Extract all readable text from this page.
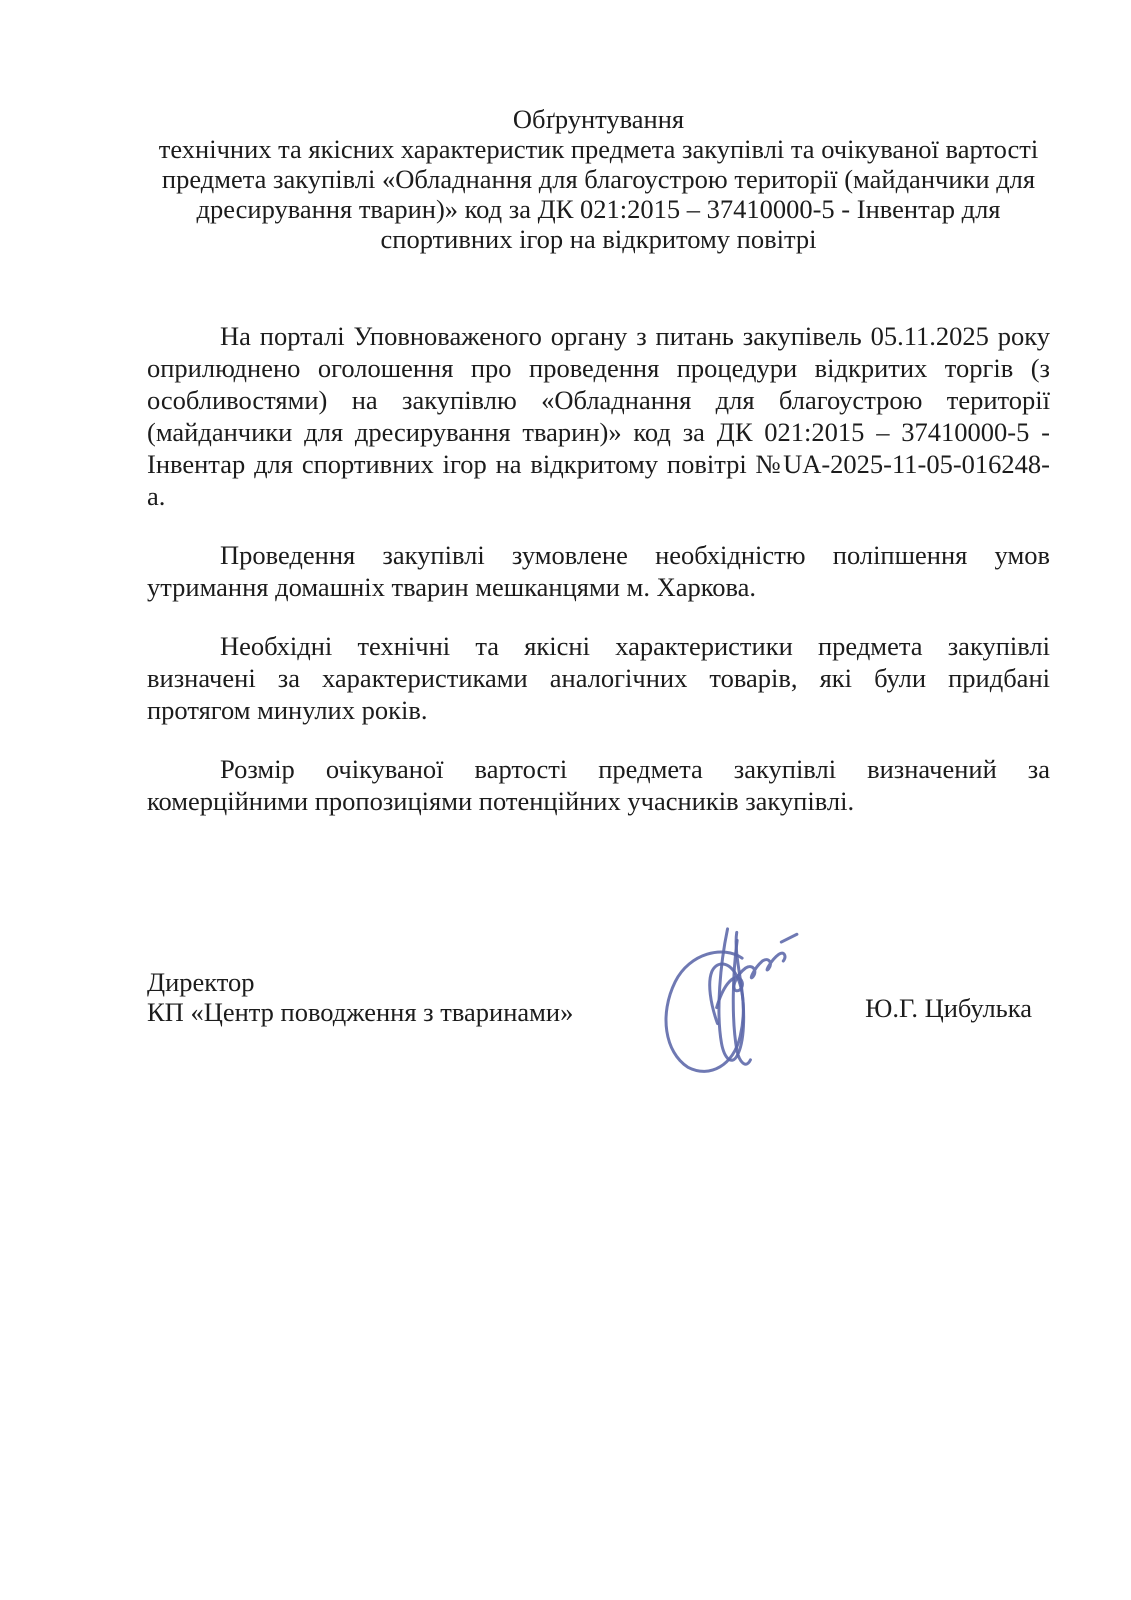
Обґрунтування
технічних та якісних характеристик предмета закупівлі та очікуваної вартості
предмета закупівлі «Обладнання для благоустрою території (майданчики для
дресирування тварин)» код за ДК 021:2015 – 37410000-5 - Інвентар для
спортивних ігор на відкритому повітрі
На порталі Уповноваженого органу з питань закупівель 05.11.2025 року
оприлюднено оголошення про проведення процедури відкритих торгів (з
особливостями) на закупівлю «Обладнання для благоустрою території
(майданчики для дресирування тварин)» код за ДК 021:2015 – 37410000-5 -
Інвентар для спортивних ігор на відкритому повітрі №UA-2025-11-05-016248-
а.
Проведення закупівлі зумовлене необхідністю поліпшення умов
утримання домашніх тварин мешканцями м. Харкова.
Необхідні технічні та якісні характеристики предмета закупівлі
визначені за характеристиками аналогічних товарів, які були придбані
протягом минулих років.
Розмір очікуваної вартості предмета закупівлі визначений за
комерційними пропозиціями потенційних учасників закупівлі.
Директор
КП «Центр поводження з тваринами»	Ю.Г. Цибулька
